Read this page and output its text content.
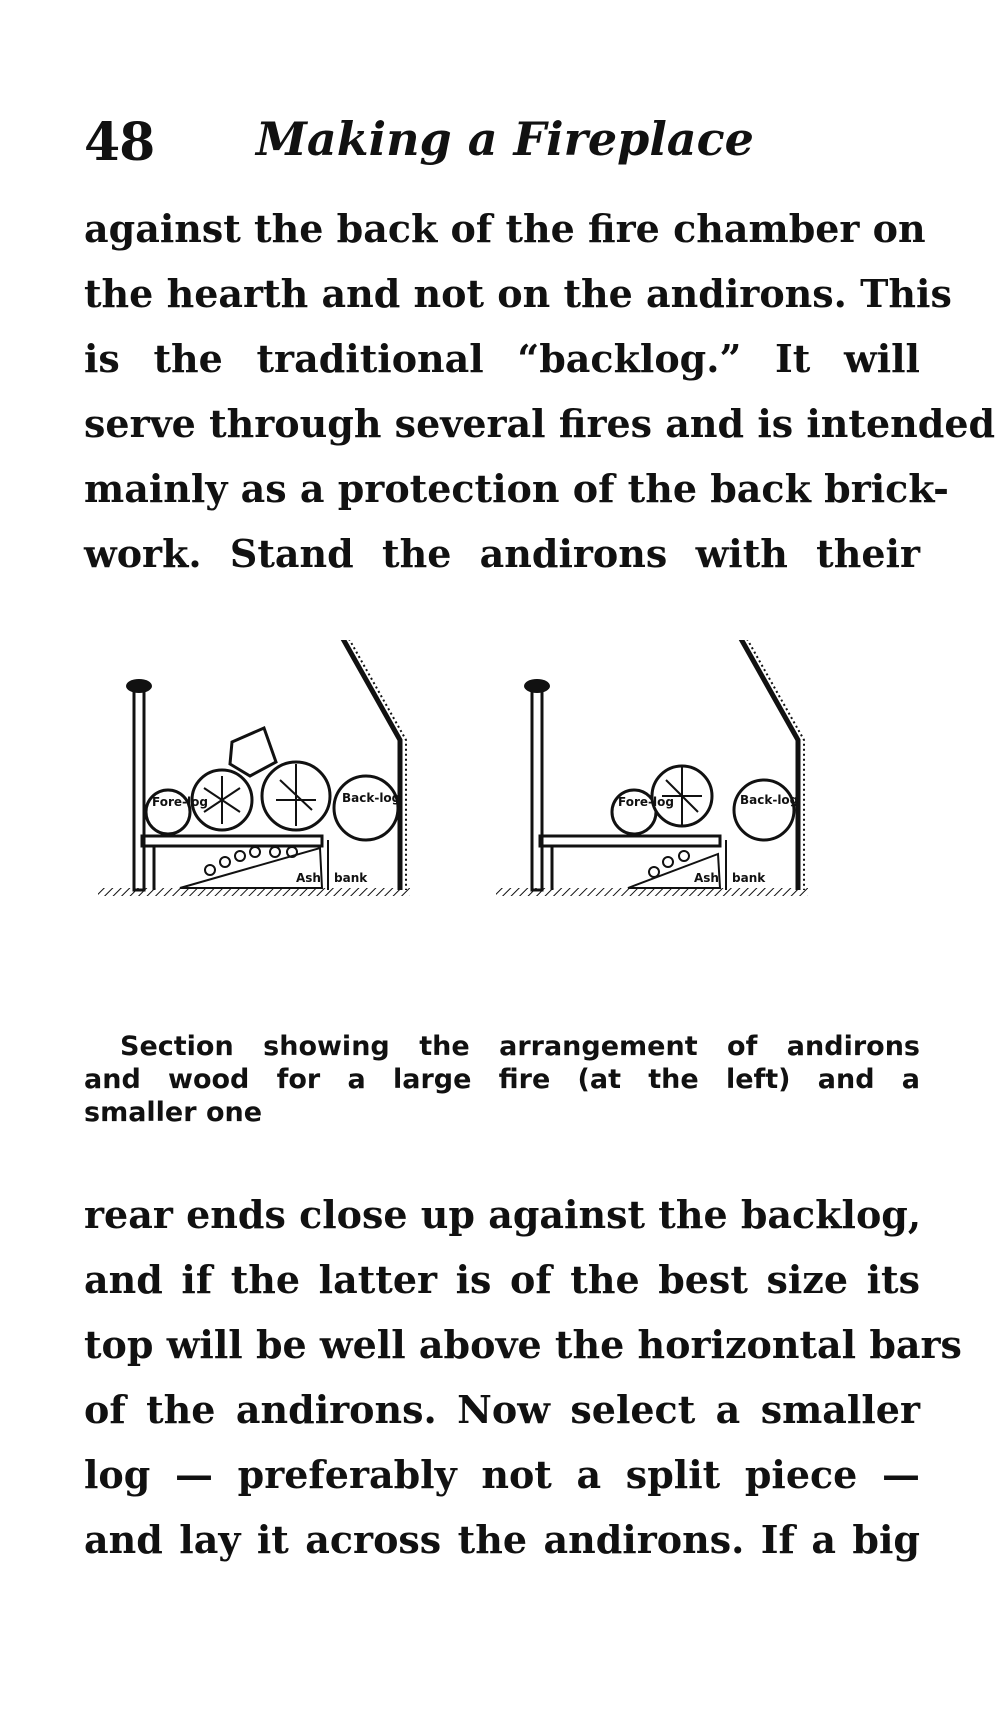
48 Making a Fireplace
against the back of the fire chamber on
the hearth and not on the andirons. This
is the traditional “backlog.” It will
serve through several fires and is intended
mainly as a protection of the back brick-
work. Stand the andirons with their
Fore-log	Back-log
Ash bank
Fore-log	Back-log
Ash bank
Section showing the arrangement of andirons
and wood for a large fire (at the left) and a
smaller one
rear ends close up against the backlog,
and if the latter is of the best size its
top will be well above the horizontal bars
of the andirons. Now select a smaller
log — preferably not a split piece —
and lay it across the andirons. If a big
